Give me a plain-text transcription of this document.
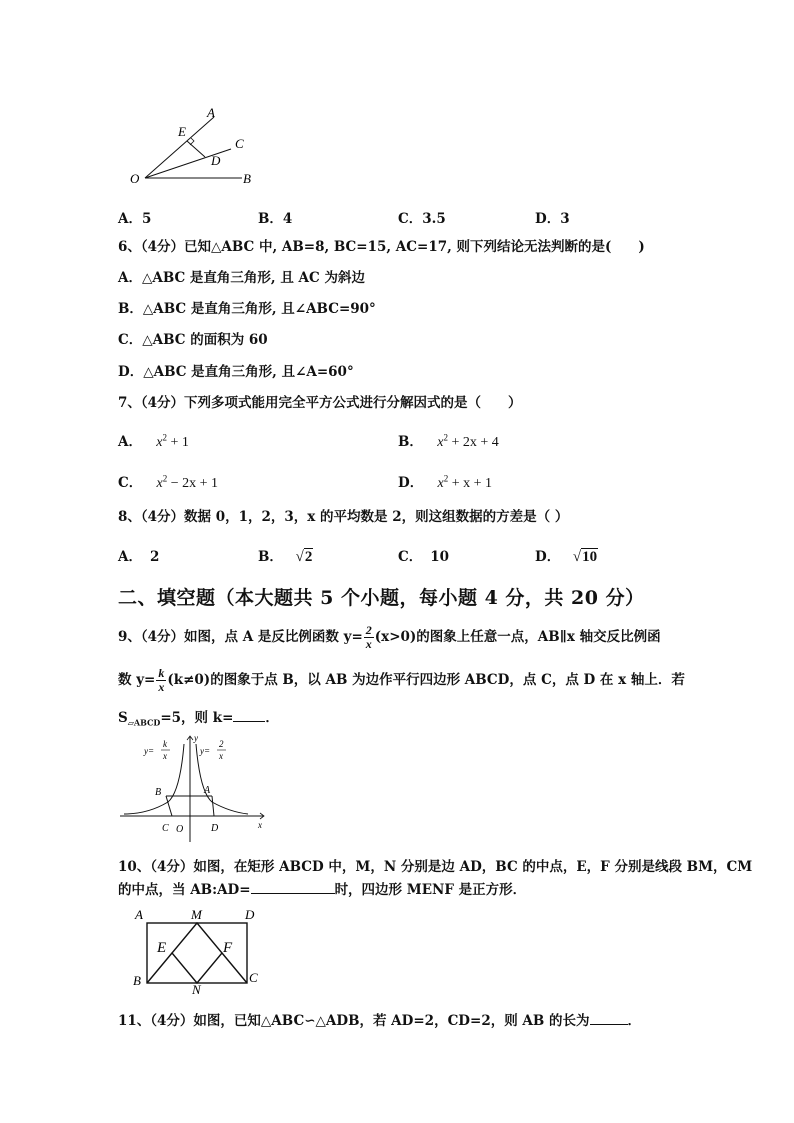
A
E
C
D
O	B
A．5	B．4	C．3.5	D．3
6、（4分）已知△ABC 中, AB=8, BC=15, AC=17, 则下列结论无法判断的是(　　)
A．△ABC 是直角三角形, 且 AC 为斜边
B．△ABC 是直角三角形, 且∠ABC=90°
C．△ABC 的面积为 60
D．△ABC 是直角三角形, 且∠A=60°
7、（4分）下列多项式能用完全平方公式进行分解因式的是（　　）
A． $x^2 + 1$	B． $x^2 + 2x + 4$
C． $x^2 - 2x + 1$	D． $x^2 + x + 1$
8、（4分）数据 0，1，2，3，x 的平均数是 2，则这组数据的方差是（ ）
A． 2	B． √2	C． 10	D． √10
二、填空题（本大题共 5 个小题，每小题 4 分，共 20 分）
9、（4分）如图，点 A 是反比例函数 $y= \frac{2}{x} (x>0)$的图象上任意一点，AB∥x 轴交反比例函
数 $y= \frac{k}{x} (k\ne 0)$的图象于点 B，以 AB 为边作平行四边形 ABCD，点 C，点 D 在 x 轴上．若
$S_{▱ABCD}=5$，则 k= ．
y=
k
x	y=
2
x
y
x
B	A
C O	D
10、（4分）如图，在矩形 ABCD 中，M，N 分别是边 AD，BC 的中点，E，F 分别是线段 BM，CM
的中点，当 AB:AD=	时，四边形 MENF 是正方形．
A	M	D
E	F
B
N
C
11、（4分）如图，已知△ABC∽△ADB，若 AD=2，CD=2，则 AB 的长为	．
